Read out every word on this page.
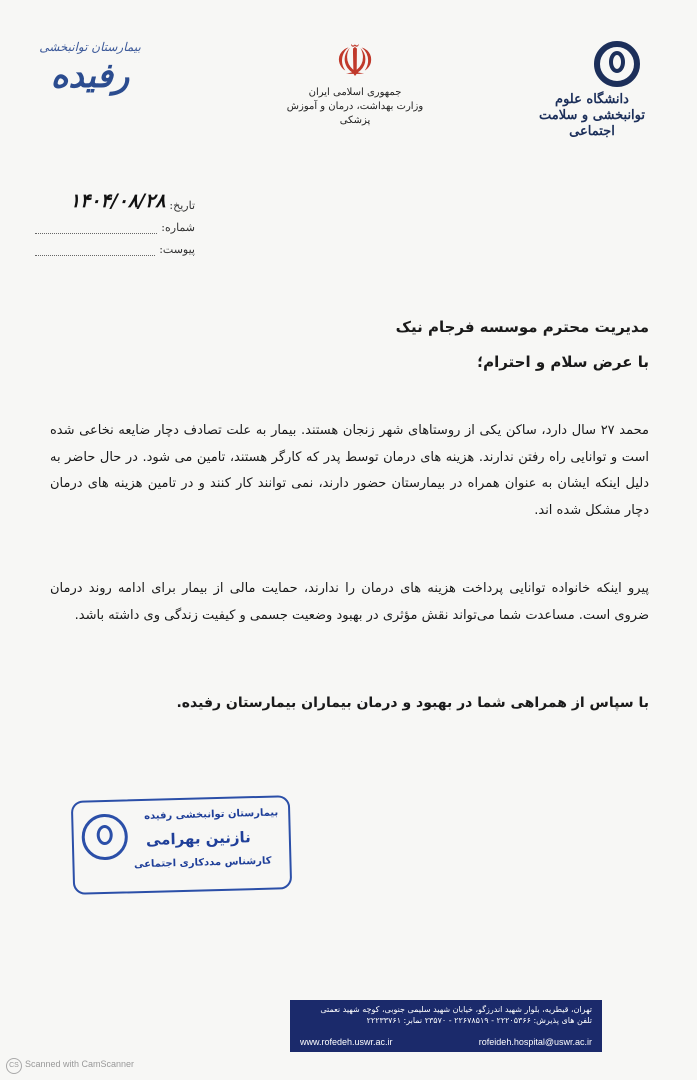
دانشگاه علوم توانبخشی و سلامت اجتماعی
☫
جمهوری اسلامی ایران
وزارت بهداشت، درمان و آموزش پزشکی
بیمارستان توانبخشی
رفیده
تاریخ:
۱۴۰۴/۰۸/۲۸
شماره:
پیوست:
مدیریت محترم موسسه فرجام نیک
با عرض سلام و احترام؛
محمد ۲۷ سال دارد، ساکن یکی از روستاهای شهر زنجان هستند. بیمار به علت تصادف دچار ضایعه نخاعی شده است و توانایی راه رفتن ندارند. هزینه های درمان توسط پدر که کارگر هستند، تامین می شود. در حال حاضر به دلیل اینکه ایشان به عنوان همراه در بیمارستان حضور دارند، نمی توانند کار کنند و در تامین هزینه های درمان دچار مشکل شده اند.
پیرو اینکه خانواده توانایی پرداخت هزینه های درمان را ندارند، حمایت مالی از بیمار برای ادامه روند درمان ضروی است. مساعدت شما می‌تواند نقش مؤثری در بهبود وضعیت جسمی و کیفیت زندگی وی داشته باشد.
با سپاس از همراهی شما در بهبود و درمان بیماران بیمارستان رفیده.
بیمارستان توانبخشی رفیده
نازنین بهرامی
کارشناس مددکاری اجتماعی
تهران، قیطریه، بلوار شهید اندرزگو، خیابان شهید سلیمی جنوبی، کوچه شهید نعمتی
تلفن های پذیرش: ۲۲۲۰۵۳۶۶ - ۲۲۶۷۸۵۱۹ - ۲۳۵۷۰ نمابر: ۲۲۲۳۳۷۶۱
www.rofedeh.uswr.ac.ir	rofeideh.hospital@uswr.ac.ir
CS Scanned with CamScanner
